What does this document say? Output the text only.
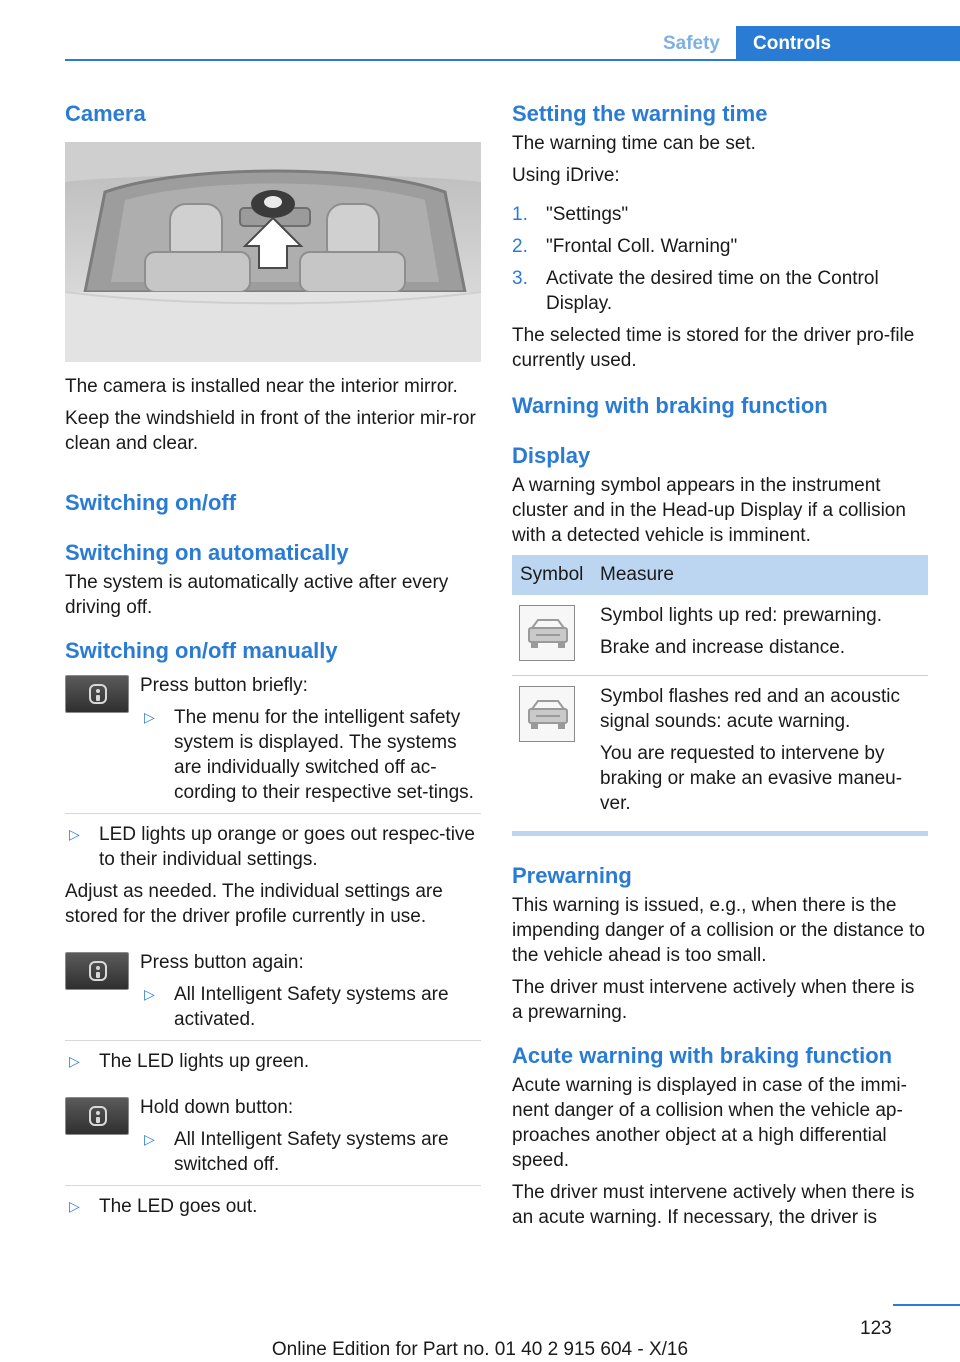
Safety	Controls
Camera

The camera is installed near the interior mirror.

Keep the windshield in front of the interior mir-ror clean and clear.

Switching on/off
Switching on automatically

The system is automatically active after every driving off.

Switching on/off manually

Press button briefly:

▷ The menu for the intelligent safety system is displayed. The systems are individually switched off ac-cording to their respective set-tings.
▷ LED lights up orange or goes out respec-tive to their individual settings.

Adjust as needed. The individual settings are stored for the driver profile currently in use.

Press button again:

▷ All Intelligent Safety systems are activated.
▷ The LED lights up green.

Hold down button:

▷ All Intelligent Safety systems are switched off.
▷ The LED goes out.
Setting the warning time

The warning time can be set.

Using iDrive:

1. "Settings"
2. "Frontal Coll. Warning"
3. Activate the desired time on the Control Display.

The selected time is stored for the driver pro-file currently used.

Warning with braking function
Display

A warning symbol appears in the instrument cluster and in the Head-up Display if a collision with a detected vehicle is imminent.

Symbol Measure

Symbol lights up red: prewarning.

Brake and increase distance.

Symbol flashes red and an acoustic signal sounds: acute warning.

You are requested to intervene by braking or make an evasive maneu-ver.

Prewarning

This warning is issued, e.g., when there is the impending danger of a collision or the distance to the vehicle ahead is too small.

The driver must intervene actively when there is a prewarning.

Acute warning with braking function

Acute warning is displayed in case of the immi-nent danger of a collision when the vehicle ap-proaches another object at a high differential speed.

The driver must intervene actively when there is an acute warning. If necessary, the driver is

123
Online Edition for Part no. 01 40 2 915 604 - X/16
